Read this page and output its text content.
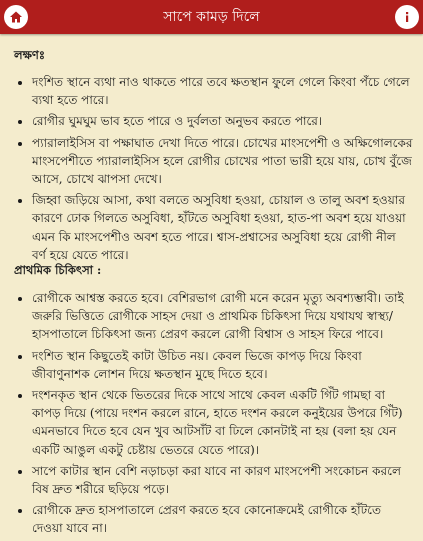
সাপে কামড় দিলে
লক্ষণঃ
• দংশিত স্থানে ব্যথা নাও থাকতে পারে তবে ক্ষতস্থান ফুলে গেলে কিংবা পঁচে গেলে ব্যথা হতে পারে।
• রোগীর ঘুমঘুম ভাব হতে পারে ও দুর্বলতা অনুভব করতে পারে।
• প্যারালাইসিস বা পক্ষাঘাত দেখা দিতে পারে। চোখের মাংসপেশী ও অক্ষিগোলকের মাংসপেশীতে প্যারালাইসিস হলে রোগীর চোখের পাতা ভারী হয়ে যায়, চোখ বুঁজে আসে, চোখে ঝাপসা দেখে।
• জিহ্বা জড়িয়ে আসা, কথা বলতে অসুবিধা হওয়া, চোয়াল ও তালু অবশ হওয়ার কারণে ঢোক গিলতে অসুবিধা, হাঁটতে অসুবিধা হওয়া, হাত-পা অবশ হয়ে যাওয়া এমন কি মাংসপেশীও অবশ হতে পারে। শ্বাস-প্রশ্বাসের অসুবিধা হয়ে রোগী নীল বর্ণ হয়ে যেতে পারে।
প্রাথমিক চিকিৎসা :
• রোগীকে আশ্বস্ত করতে হবে। বেশিরভাগ রোগী মনে করেন মৃত্যু অবশ্যম্ভাবী। তাই জরুরি ভিত্তিতে রোগীকে সাহস দেয়া ও প্রাথমিক চিকিৎসা দিয়ে যথাযথ স্বাস্থ্য/হাসপাতালে চিকিৎসা জন্য প্রেরণ করলে রোগী বিশ্বাস ও সাহস ফিরে পাবে।
• দংশিত স্থান কিছুতেই কাটা উচিত নয়। কেবল ভিজে কাপড় দিয়ে কিংবা জীবাণুনাশক লোশন দিয়ে ক্ষতস্থান মুছে দিতে হবে।
• দংশনকৃত স্থান থেকে ভিতরের দিকে সাথে সাথে কেবল একটি গিঁট গামছা বা কাপড় দিয়ে (পায়ে দংশন করলে রানে, হাতে দংশন করলে কনুইয়ের উপরে গিঁট) এমনভাবে দিতে হবে যেন খুব আটসাঁট বা ঢিলে কোনটাই না হয় (বলা হয় যেন একটি আঙুল একটু চেষ্টায় ভেতরে যেতে পারে)।
• সাপে কাটার স্থান বেশি নড়াচড়া করা যাবে না কারণ মাংসপেশী সংকোচন করলে বিষ দ্রুত শরীরে ছড়িয়ে পড়ে।
• রোগীকে দ্রুত হাসপাতালে প্রেরণ করতে হবে কোনোক্রমেই রোগীকে হাঁটতে দেওয়া যাবে না।
